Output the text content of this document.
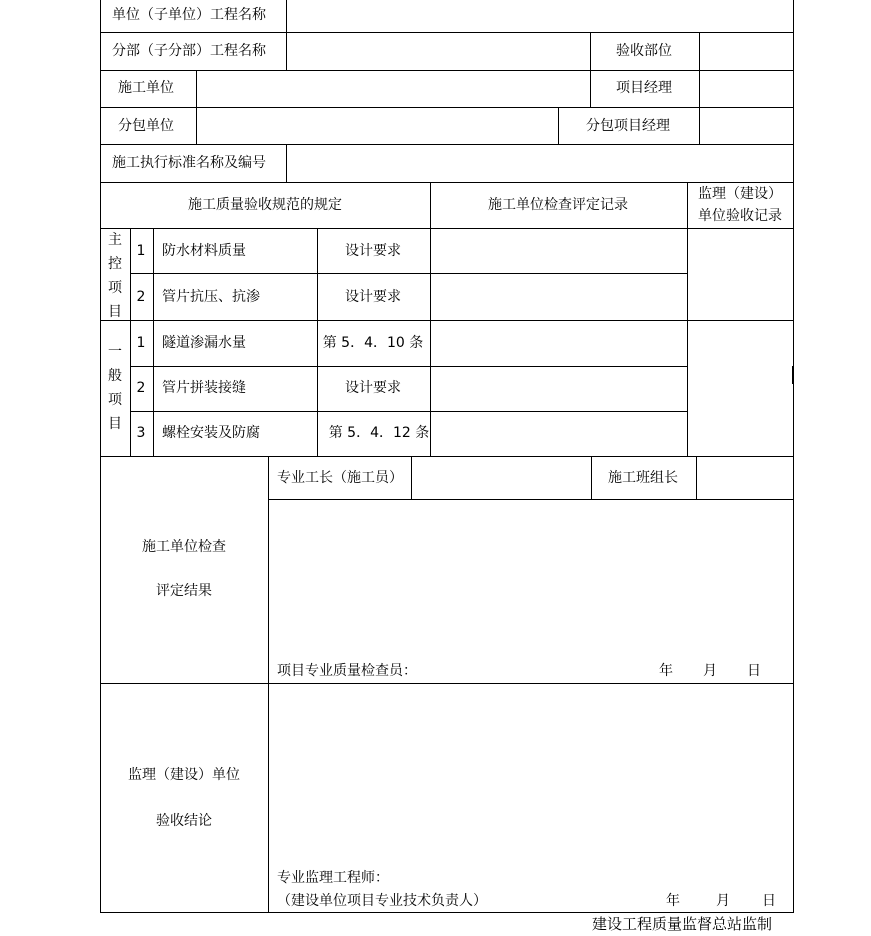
单位（子单位）工程名称
分部（子分部）工程名称	验收部位
施工单位	项目经理
分包单位	分包项目经理
施工执行标准名称及编号
施工质量验收规范的规定	施工单位检查评定记录
监理（建设）
单位验收记录
主控项目
1 防水材料质量	设计要求
2 管片抗压、抗渗	设计要求
一般项目
1 隧道渗漏水量	第 5．4．10 条
2 管片拼装接缝	设计要求
3 螺栓安装及防腐	第 5．4．12 条
施工单位检查
评定结果
专业工长（施工员）	施工班组长
项目专业质量检查员：	年 月 日
监理（建设）单位
验收结论
专业监理工程师：
（建设单位项目专业技术负责人）	年	月 日
建设工程质量监督总站监制
